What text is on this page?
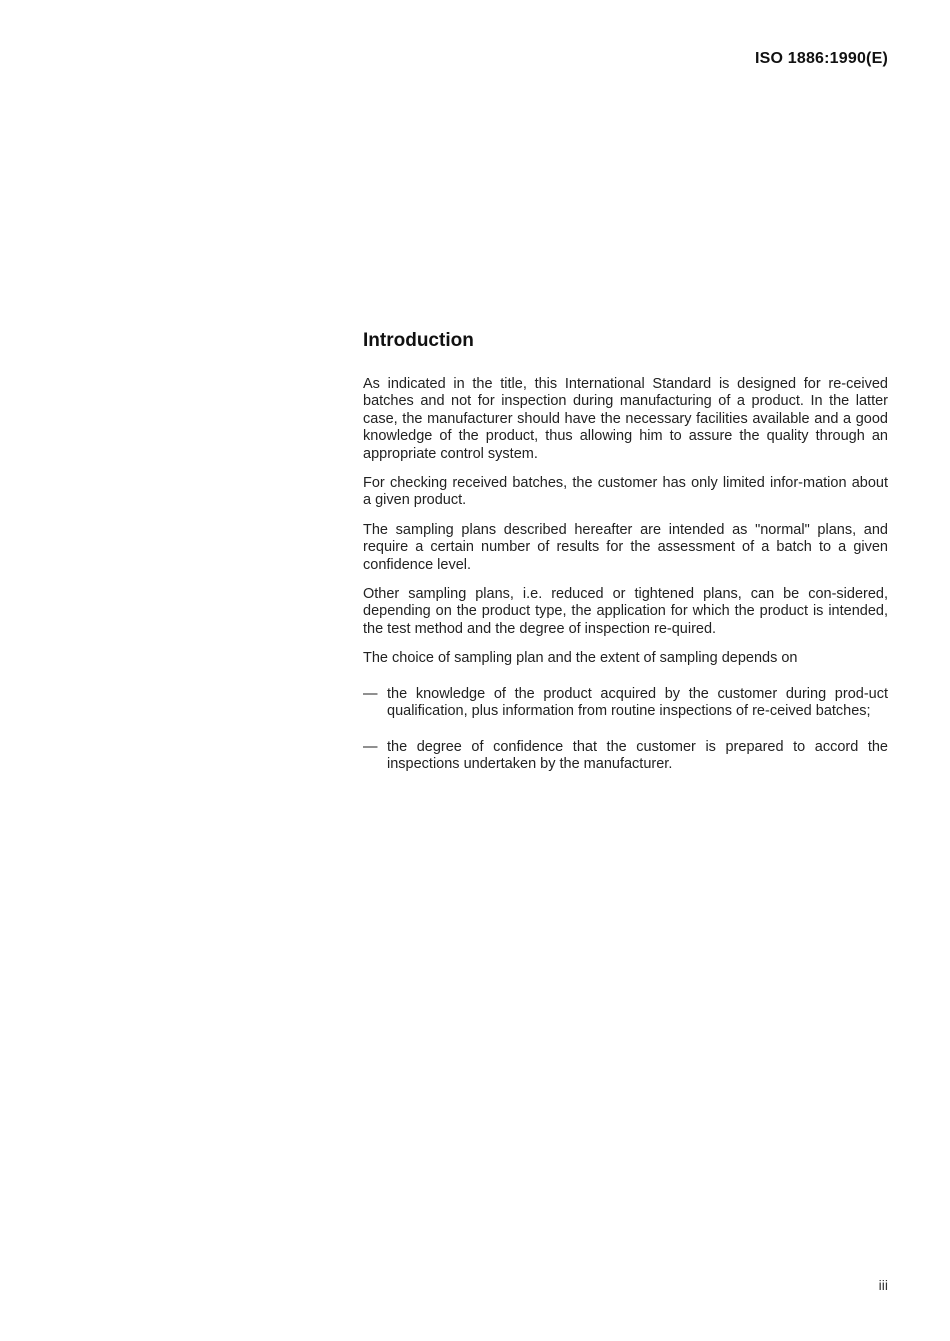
ISO 1886:1990(E)
Introduction

As indicated in the title, this International Standard is designed for re-ceived batches and not for inspection during manufacturing of a product. In the latter case, the manufacturer should have the necessary facilities available and a good knowledge of the product, thus allowing him to assure the quality through an appropriate control system.

For checking received batches, the customer has only limited infor-mation about a given product.

The sampling plans described hereafter are intended as "normal" plans, and require a certain number of results for the assessment of a batch to a given confidence level.

Other sampling plans, i.e. reduced or tightened plans, can be con-sidered, depending on the product type, the application for which the product is intended, the test method and the degree of inspection re-quired.

The choice of sampling plan and the extent of sampling depends on

— the knowledge of the product acquired by the customer during prod-uct qualification, plus information from routine inspections of re-ceived batches;
— the degree of confidence that the customer is prepared to accord the inspections undertaken by the manufacturer.
iii
